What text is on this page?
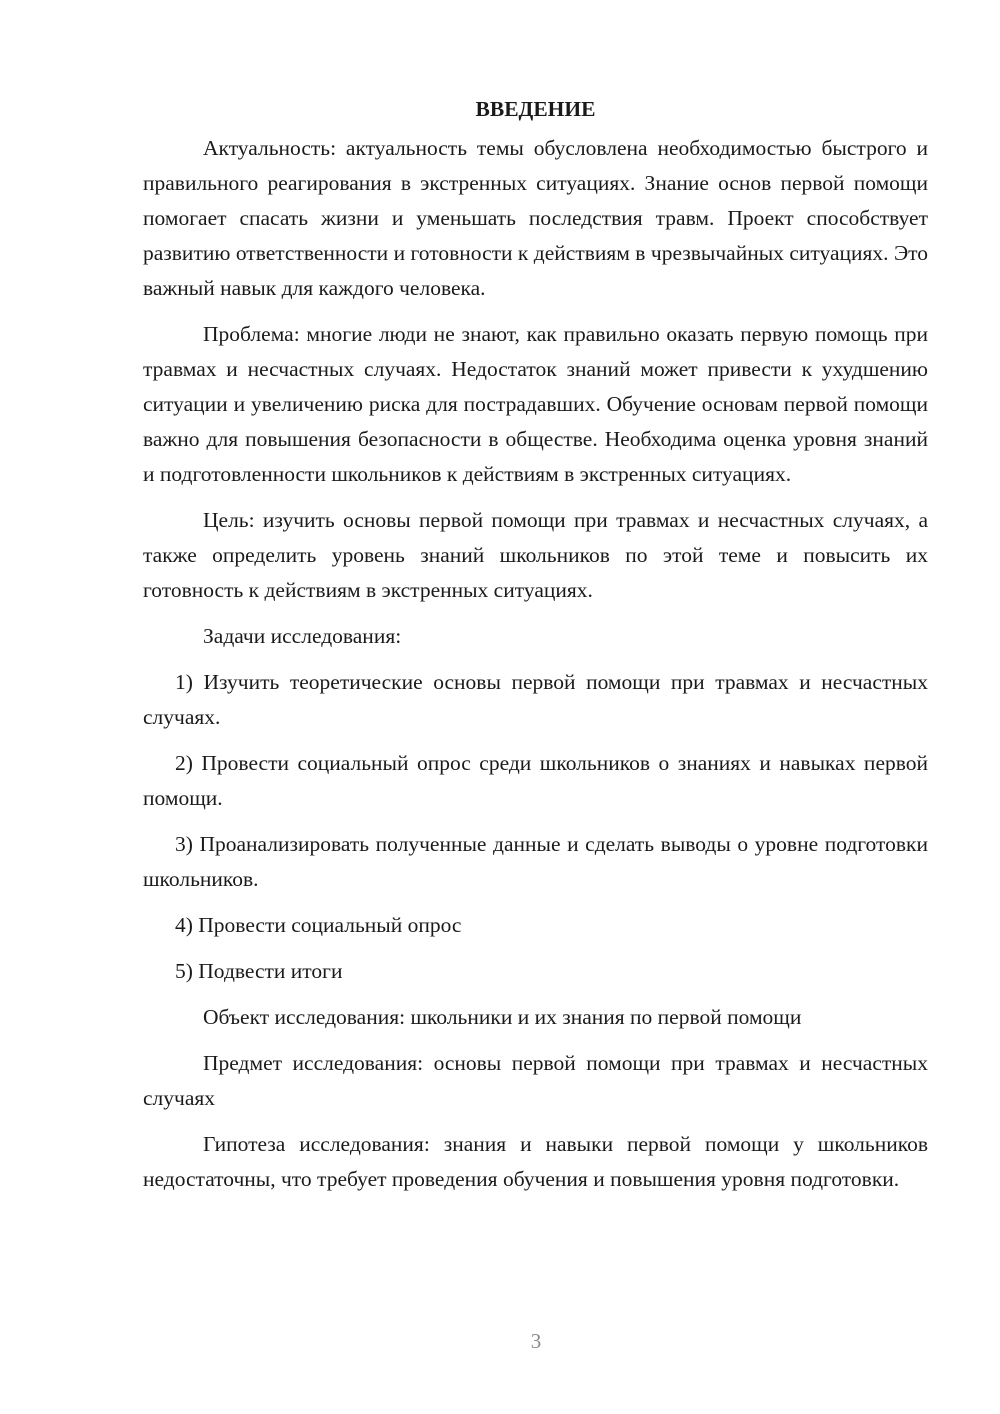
ВВЕДЕНИЕ

Актуальность: актуальность темы обусловлена необходимостью быстрого и правильного реагирования в экстренных ситуациях. Знание основ первой помощи помогает спасать жизни и уменьшать последствия травм. Проект способствует развитию ответственности и готовности к действиям в чрезвычайных ситуациях. Это важный навык для каждого человека.

Проблема: многие люди не знают, как правильно оказать первую помощь при травмах и несчастных случаях. Недостаток знаний может привести к ухудшению ситуации и увеличению риска для пострадавших. Обучение основам первой помощи важно для повышения безопасности в обществе. Необходима оценка уровня знаний и подготовленности школьников к действиям в экстренных ситуациях.

Цель: изучить основы первой помощи при травмах и несчастных случаях, а также определить уровень знаний школьников по этой теме и повысить их готовность к действиям в экстренных ситуациях.

Задачи исследования:

1) Изучить теоретические основы первой помощи при травмах и несчастных случаях.

2) Провести социальный опрос среди школьников о знаниях и навыках первой помощи.

3) Проанализировать полученные данные и сделать выводы о уровне подготовки школьников.

4) Провести социальный опрос

5) Подвести итоги

Объект исследования: школьники и их знания по первой помощи

Предмет исследования: основы первой помощи при травмах и несчастных случаях

Гипотеза исследования: знания и навыки первой помощи у школьников недостаточны, что требует проведения обучения и повышения уровня подготовки.

3
